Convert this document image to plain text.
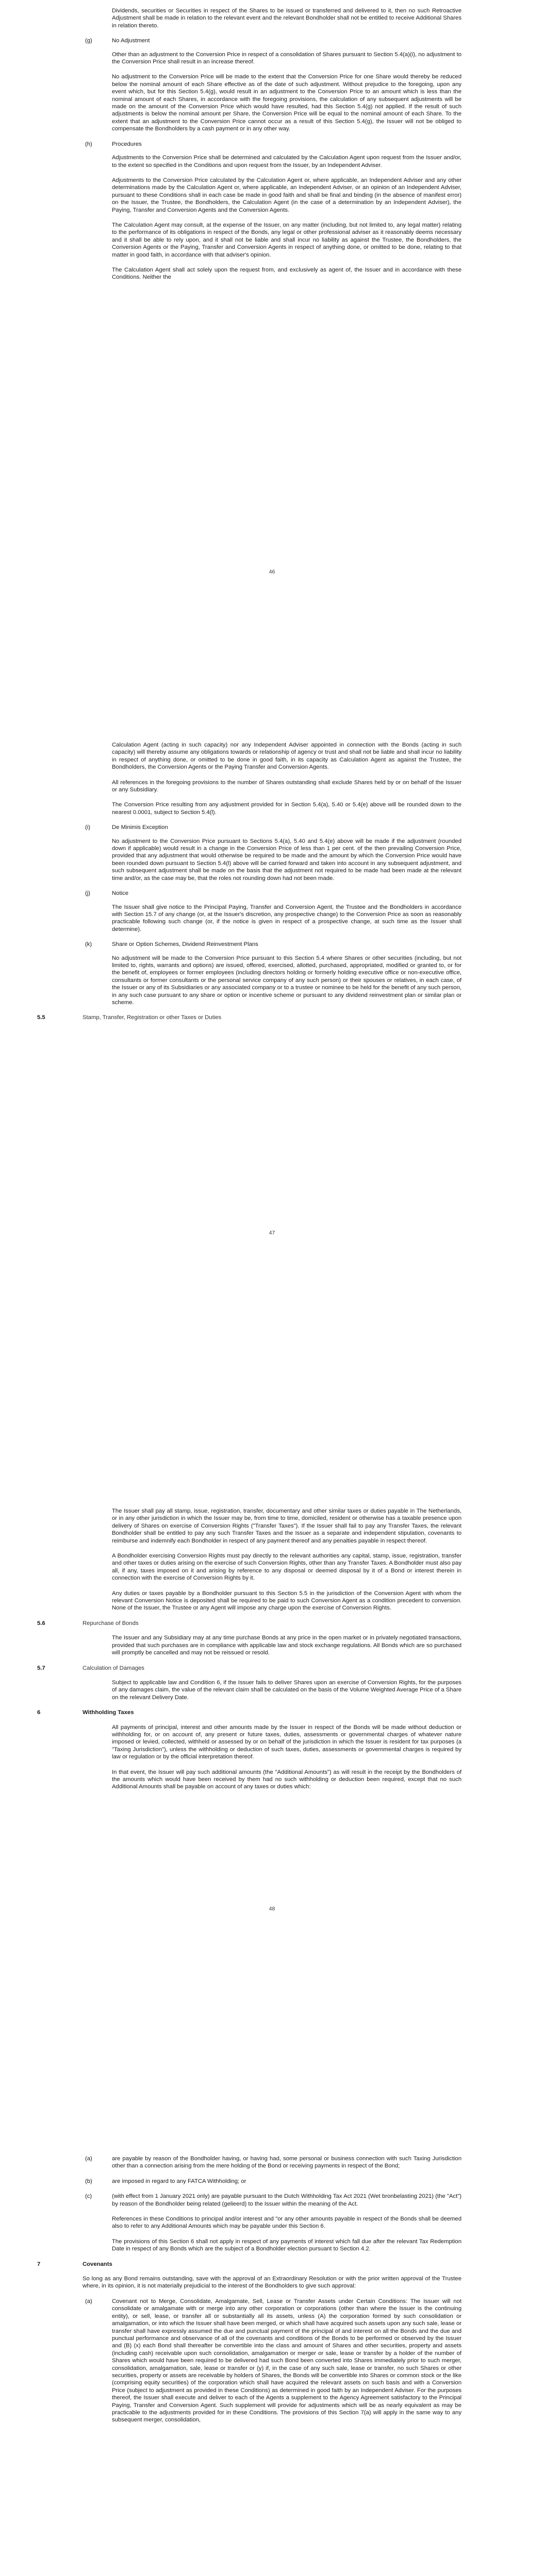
Dividends, securities or Securities in respect of the Shares to be issued or transferred and delivered to it, then no such Retroactive Adjustment shall be made in relation to the relevant event and the relevant Bondholder shall not be entitled to receive Additional Shares in relation thereto.

(g)	No Adjustment

Other than an adjustment to the Conversion Price in respect of a consolidation of Shares pursuant to Section 5.4(a)(i), no adjustment to the Conversion Price shall result in an increase thereof.

No adjustment to the Conversion Price will be made to the extent that the Conversion Price for one Share would thereby be reduced below the nominal amount of each Share effective as of the date of such adjustment. Without prejudice to the foregoing, upon any event which, but for this Section 5.4(g), would result in an adjustment to the Conversion Price to an amount which is less than the nominal amount of each Shares, in accordance with the foregoing provisions, the calculation of any subsequent adjustments will be made on the amount of the Conversion Price which would have resulted, had this Section 5.4(g) not applied. If the result of such adjustments is below the nominal amount per Share, the Conversion Price will be equal to the nominal amount of each Share. To the extent that an adjustment to the Conversion Price cannot occur as a result of this Section 5.4(g), the Issuer will not be obliged to compensate the Bondholders by a cash payment or in any other way.

(h)	Procedures

Adjustments to the Conversion Price shall be determined and calculated by the Calculation Agent upon request from the Issuer and/or, to the extent so specified in the Conditions and upon request from the Issuer, by an Independent Adviser.

Adjustments to the Conversion Price calculated by the Calculation Agent or, where applicable, an Independent Adviser and any other determinations made by the Calculation Agent or, where applicable, an Independent Adviser, or an opinion of an Independent Adviser, pursuant to these Conditions shall in each case be made in good faith and shall be final and binding (in the absence of manifest error) on the Issuer, the Trustee, the Bondholders, the Calculation Agent (in the case of a determination by an Independent Adviser), the Paying, Transfer and Conversion Agents and the Conversion Agents.

The Calculation Agent may consult, at the expense of the Issuer, on any matter (including, but not limited to, any legal matter) relating to the performance of its obligations in respect of the Bonds, any legal or other professional adviser as it reasonably deems necessary and it shall be able to rely upon, and it shall not be liable and shall incur no liability as against the Trustee, the Bondholders, the Conversion Agents or the Paying, Transfer and Conversion Agents in respect of anything done, or omitted to be done, relating to that matter in good faith, in accordance with that adviser's opinion.

The Calculation Agent shall act solely upon the request from, and exclusively as agent of, the Issuer and in accordance with these Conditions. Neither the

46

Calculation Agent (acting in such capacity) nor any Independent Adviser appointed in connection with the Bonds (acting in such capacity) will thereby assume any obligations towards or relationship of agency or trust and shall not be liable and shall incur no liability in respect of anything done, or omitted to be done in good faith, in its capacity as Calculation Agent as against the Trustee, the Bondholders, the Conversion Agents or the Paying Transfer and Conversion Agents.

All references in the foregoing provisions to the number of Shares outstanding shall exclude Shares held by or on behalf of the Issuer or any Subsidiary.

The Conversion Price resulting from any adjustment provided for in Section 5.4(a), 5.40 or 5.4(e) above will be rounded down to the nearest 0.0001, subject to Section 5.4(l).

(i)	De Minimis Exception

No adjustment to the Conversion Price pursuant to Sections 5.4(a), 5.40 and 5.4(e) above will be made if the adjustment (rounded down if applicable) would result in a change in the Conversion Price of less than 1 per cent. of the then prevailing Conversion Price, provided that any adjustment that would otherwise be required to be made and the amount by which the Conversion Price would have been rounded down pursuant to Section 5.4(l) above will be carried forward and taken into account in any subsequent adjustment, and such subsequent adjustment shall be made on the basis that the adjustment not required to be made had been made at the relevant time and/or, as the case may be, that the roles not rounding down had not been made.

(j)	Notice

The Issuer shall give notice to the Principal Paying, Transfer and Conversion Agent, the Trustee and the Bondholders in accordance with Section 15.7 of any change (or, at the Issuer's discretion, any prospective change) to the Conversion Price as soon as reasonably practicable following such change (or, if the notice is given in respect of a prospective change, at such time as the Issuer shall determine).

(k)	Share or Option Schemes, Dividend Reinvestment Plans

No adjustment will be made to the Conversion Price pursuant to this Section 5.4 where Shares or other securities (including, but not limited to, rights, warrants and options) are issued, offered, exercised, allotted, purchased, appropriated, modified or granted to, or for the benefit of, employees or former employees (including directors holding or formerly holding executive office or non-executive office, consultants or former consultants or the personal service company of any such person) or their spouses or relatives, in each case, of the Issuer or any of its Subsidiaries or any associated company or to a trustee or nominee to be held for the benefit of any such person, in any such case pursuant to any share or option or incentive scheme or pursuant to any dividend reinvestment plan or similar plan or scheme.

5.5	Stamp, Transfer, Registration or other Taxes or Duties
47

The Issuer shall pay all stamp, issue, registration, transfer, documentary and other similar taxes or duties payable in The Netherlands, or in any other jurisdiction in which the Issuer may be, from time to time, domiciled, resident or otherwise has a taxable presence upon delivery of Shares on exercise of Conversion Rights ("Transfer Taxes"). If the Issuer shall fail to pay any Transfer Taxes, the relevant Bondholder shall be entitled to pay any such Transfer Taxes and the Issuer as a separate and independent stipulation, covenants to reimburse and indemnify each Bondholder in respect of any payment thereof and any penalties payable in respect thereof.

A Bondholder exercising Conversion Rights must pay directly to the relevant authorities any capital, stamp, issue, registration, transfer and other taxes or duties arising on the exercise of such Conversion Rights, other than any Transfer Taxes. A Bondholder must also pay all, if any, taxes imposed on it and arising by reference to any disposal or deemed disposal by it of a Bond or interest therein in connection with the exercise of Conversion Rights by it.

Any duties or taxes payable by a Bondholder pursuant to this Section 5.5 in the jurisdiction of the Conversion Agent with whom the relevant Conversion Notice is deposited shall be required to be paid to such Conversion Agent as a condition precedent to conversion. None of the Issuer, the Trustee or any Agent will impose any charge upon the exercise of Conversion Rights.

5.6	Repurchase of Bonds

The Issuer and any Subsidiary may at any time purchase Bonds at any price in the open market or in privately negotiated transactions, provided that such purchases are in compliance with applicable law and stock exchange regulations. All Bonds which are so purchased will promptly be cancelled and may not be reissued or resold.

5.7	Calculation of Damages

Subject to applicable law and Condition 6, if the Issuer fails to deliver Shares upon an exercise of Conversion Rights, for the purposes of any damages claim, the value of the relevant claim shall be calculated on the basis of the Volume Weighted Average Price of a Share on the relevant Delivery Date.

6	Withholding Taxes

All payments of principal, interest and other amounts made by the Issuer in respect of the Bonds will be made without deduction or withholding for, or on account of, any present or future taxes, duties, assessments or governmental charges of whatever nature imposed or levied, collected, withheld or assessed by or on behalf of the jurisdiction in which the Issuer is resident for tax purposes (a "Taxing Jurisdiction"), unless the withholding or deduction of such taxes, duties, assessments or governmental charges is required by law or regulation or by the official interpretation thereof.

In that event, the Issuer will pay such additional amounts (the "Additional Amounts") as will result in the receipt by the Bondholders of the amounts which would have been received by them had no such withholding or deduction been required, except that no such Additional Amounts shall be payable on account of any taxes or duties which:

48
(a)	are payable by reason of the Bondholder having, or having had, some personal or business connection with such Taxing Jurisdiction other than a connection arising from the mere holding of the Bond or receiving payments in respect of the Bond;

(b)	are imposed in regard to any FATCA Withholding; or

(c)	(with effect from 1 January 2021 only) are payable pursuant to the Dutch Withholding Tax Act 2021 (Wet bronbelasting 2021) (the "Act") by reason of the Bondholder being related (gelieerd) to the Issuer within the meaning of the Act.

References in these Conditions to principal and/or interest and "or any other amounts payable in respect of the Bonds shall be deemed also to refer to any Additional Amounts which may be payable under this Section 6.

The provisions of this Section 6 shall not apply in respect of any payments of interest which fall due after the relevant Tax Redemption Date in respect of any Bonds which are the subject of a Bondholder election pursuant to Section 4.2.

7	Covenants

So long as any Bond remains outstanding, save with the approval of an Extraordinary Resolution or with the prior written approval of the Trustee where, in its opinion, it is not materially prejudicial to the interest of the Bondholders to give such approval:

(a)	Covenant not to Merge, Consolidate, Amalgamate, Sell, Lease or Transfer Assets under Certain Conditions: The Issuer will not consolidate or amalgamate with or merge into any other corporation or corporations (other than where the Issuer is the continuing entity), or sell, lease, or transfer all or substantially all its assets, unless (A) the corporation formed by such consolidation or amalgamation, or into which the Issuer shall have been merged, or which shall have acquired such assets upon any such sale, lease or transfer shall have expressly assumed the due and punctual payment of the principal of and interest on all the Bonds and the due and punctual performance and observance of all of the covenants and conditions of the Bonds to be performed or observed by the Issuer and (B) (x) each Bond shall thereafter be convertible into the class and amount of Shares and other securities, property and assets (including cash) receivable upon such consolidation, amalgamation or merger or sale, lease or transfer by a holder of the number of Shares which would have been required to be delivered had such Bond been converted into Shares immediately prior to such merger, consolidation, amalgamation, sale, lease or transfer or (y) if, in the case of any such sale, lease or transfer, no such Shares or other securities, property or assets are receivable by holders of Shares, the Bonds will be convertible into Shares or common stock or the like (comprising equity securities) of the corporation which shall have acquired the relevant assets on such basis and with a Conversion Price (subject to adjustment as provided in these Conditions) as determined in good faith by an Independent Adviser. For the purposes thereof, the Issuer shall execute and deliver to each of the Agents a supplement to the Agency Agreement satisfactory to the Principal Paying, Transfer and Conversion Agent. Such supplement will provide for adjustments which will be as nearly equivalent as may be practicable to the adjustments provided for in these Conditions. The provisions of this Section 7(a) will apply in the same way to any subsequent merger, consolidation,
